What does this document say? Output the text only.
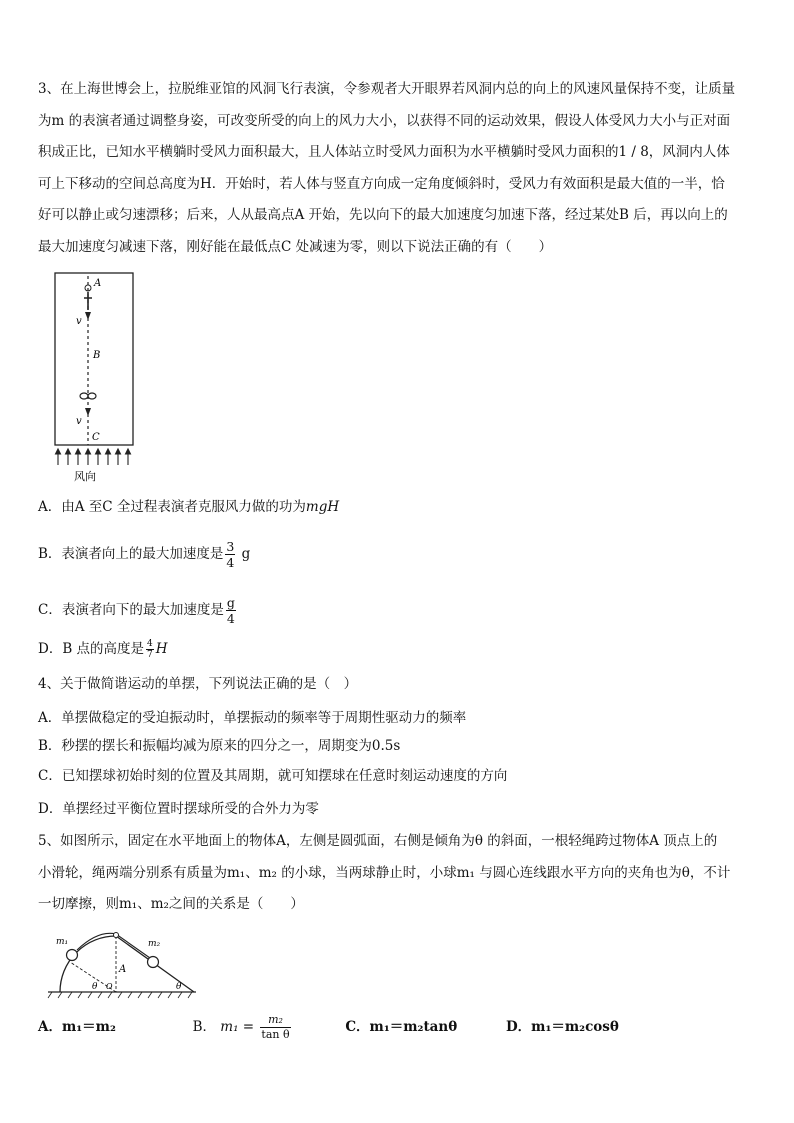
3、在上海世博会上，拉脱维亚馆的风洞飞行表演，令参观者大开眼界若风洞内总的向上的风速风量保持不变，让质量
为m 的表演者通过调整身姿，可改变所受的向上的风力大小，以获得不同的运动效果，假设人体受风力大小与正对面
积成正比，已知水平横躺时受风力面积最大，且人体站立时受风力面积为水平横躺时受风力面积的1 / 8，风洞内人体
可上下移动的空间总高度为H．开始时，若人体与竖直方向成一定角度倾斜时，受风力有效面积是最大值的一半，恰
好可以静止或匀速漂移；后来，人从最高点A 开始，先以向下的最大加速度匀加速下落，经过某处B 后，再以向上的
最大加速度匀减速下落，刚好能在最低点C 处减速为零，则以下说法正确的有（　　）
A
v
B
v
C
风向
A．由A 至C 全过程表演者克服风力做的功为mgH
B．表演者向上的最大加速度是 $\frac{3}{4}$ g
C．表演者向下的最大加速度是 $\frac{g}{4}$
D．B 点的高度是 $\frac{4}{7}$ H
4、关于做简谐运动的单摆，下列说法正确的是（　）
A．单摆做稳定的受迫振动时，单摆振动的频率等于周期性驱动力的频率
B．秒摆的摆长和振幅均减为原来的四分之一，周期变为0.5s
C．已知摆球初始时刻的位置及其周期，就可知摆球在任意时刻运动速度的方向
D．单摆经过平衡位置时摆球所受的合外力为零
5、如图所示，固定在水平地面上的物体A，左侧是圆弧面，右侧是倾角为θ 的斜面，一根轻绳跨过物体A 顶点上的
小滑轮，绳两端分别系有质量为m₁、m₂ 的小球，当两球静止时，小球m₁ 与圆心连线跟水平方向的夹角也为θ，不计
一切摩擦，则m₁、m₂之间的关系是（　　）
m₁	m₂
A
θ O	θ
A．m₁＝m₂	B． $m_1 = \frac{\text{m₂}}{\text{tan θ}}$	C．m₁＝m₂tanθ	D．m₁＝m₂cosθ
